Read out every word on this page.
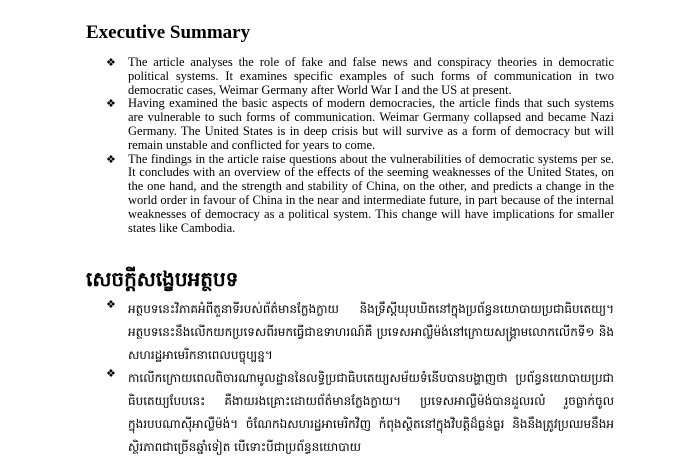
Executive Summary
❖ The article analyses the role of fake and false news and conspiracy theories in democratic political systems. It examines specific examples of such forms of communication in two democratic cases, Weimar Germany after World War I and the US at present.
❖ Having examined the basic aspects of modern democracies, the article finds that such systems are vulnerable to such forms of communication. Weimar Germany collapsed and became Nazi Germany. The United States is in deep crisis but will survive as a form of democracy but will remain unstable and conflicted for years to come.
❖ The findings in the article raise questions about the vulnerabilities of democratic systems per se. It concludes with an overview of the effects of the seeming weaknesses of the United States, on the one hand, and the strength and stability of China, on the other, and predicts a change in the world order in favour of China in the near and intermediate future, in part because of the internal weaknesses of democracy as a political system. This change will have implications for smaller states like Cambodia.
សេចក្តីសង្ខេបអត្ថបទ
❖ អត្ថបទនេះវិភាគអំពីតួនាទីរបស់ព័ត៌មានក្លែងក្លាយ និងទ្រឹស្តីឃុបឃិតនៅក្នុងប្រព័ន្ធនយោបាយប្រជាធិបតេយ្យ។ អត្ថបទនេះនឹងលើកយកប្រទេសពីរមកធ្វើជាឧទាហរណ៍គឺ ប្រទេសអាល្លឺម៉ង់នៅក្រោយសង្គ្រាមលោកលើកទី១ និងសហរដ្ឋអាមេរិកនាពេលបច្ចុប្បន្ន។
❖ កាលើកក្រោយពេលពិចារណាមូលដ្ឋាននៃលទ្ធិប្រជាធិបតេយ្យសម័យទំនើបបានបង្ហាញថា ប្រព័ន្ធនយោបាយប្រជាធិបតេយ្យបែបនេះ គឺងាយរងគ្រោះដោយព័ត៌មានក្លែងក្លាយ។ ប្រទេសអាល្លឺម៉ង់បានដួលរលំ រួចធ្លាក់ចូលក្នុងរបបណាស៊ីអាល្លឺម៉ង់។ ចំណែកឯសហរដ្ឋអាមេរិកវិញ កំពុងស្ថិតនៅក្នុងវិបត្តិដ៏ធ្ងន់ធ្ងរ និងនឹងត្រូវប្រឈមនឹងអស្ថិរភាពជាច្រើនឆ្នាំទៀត បើទោះបីជាប្រព័ន្ធនយោបាយ
